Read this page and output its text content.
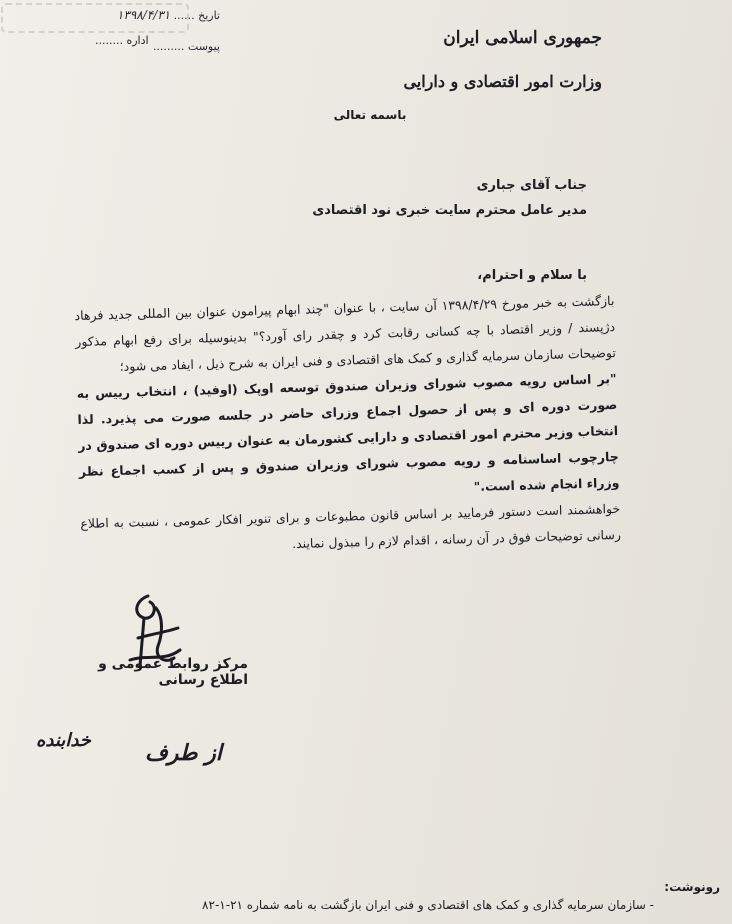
جمهوری اسلامی ایران
وزارت امور اقتصادی و دارایی
تاریخ ...... ۱۳۹۸/۴/۳۱
پیوست .........
اداره ........
باسمه تعالی
جناب آقای جباری
مدیر عامل محترم سایت خبری نود اقتصادی
با سلام و احترام،

بازگشت به خبر مورخ ۱۳۹۸/۴/۲۹ آن سایت ، با عنوان "چند ابهام پیرامون عنوان بین المللی جدید فرهاد دژپسند / وزیر اقتصاد با چه کسانی رقابت کرد و چقدر رای آورد؟" بدینوسیله برای رفع ابهام مذکور توضیحات سازمان سرمایه گذاری و کمک های اقتصادی و فنی ایران به شرح ذیل ، ایفاد می شود؛

"بر اساس رویه مصوب شورای وزیران صندوق توسعه اوپک (اوفید) ، انتخاب رییس به صورت دوره ای و پس از حصول اجماع وزرای حاضر در جلسه صورت می پذیرد. لذا انتخاب وزیر محترم امور اقتصادی و دارایی کشورمان به عنوان رییس دوره ای صندوق در چارچوب اساسنامه و رویه مصوب شورای وزیران صندوق و پس از کسب اجماع نظر وزراء انجام شده است."

خواهشمند است دستور فرمایید بر اساس قانون مطبوعات و برای تنویر افکار عمومی ، نسبت به اطلاع رسانی توضیحات فوق در آن رسانه ، اقدام لازم را مبذول نمایند.

مرکز روابط عمومی و اطلاع رسانی
از طرف
خدابنده
رونوشت:
- سازمان سرمایه گذاری و کمک های اقتصادی و فنی ایران بازگشت به نامه شماره ۲۱-۱-۸۲
